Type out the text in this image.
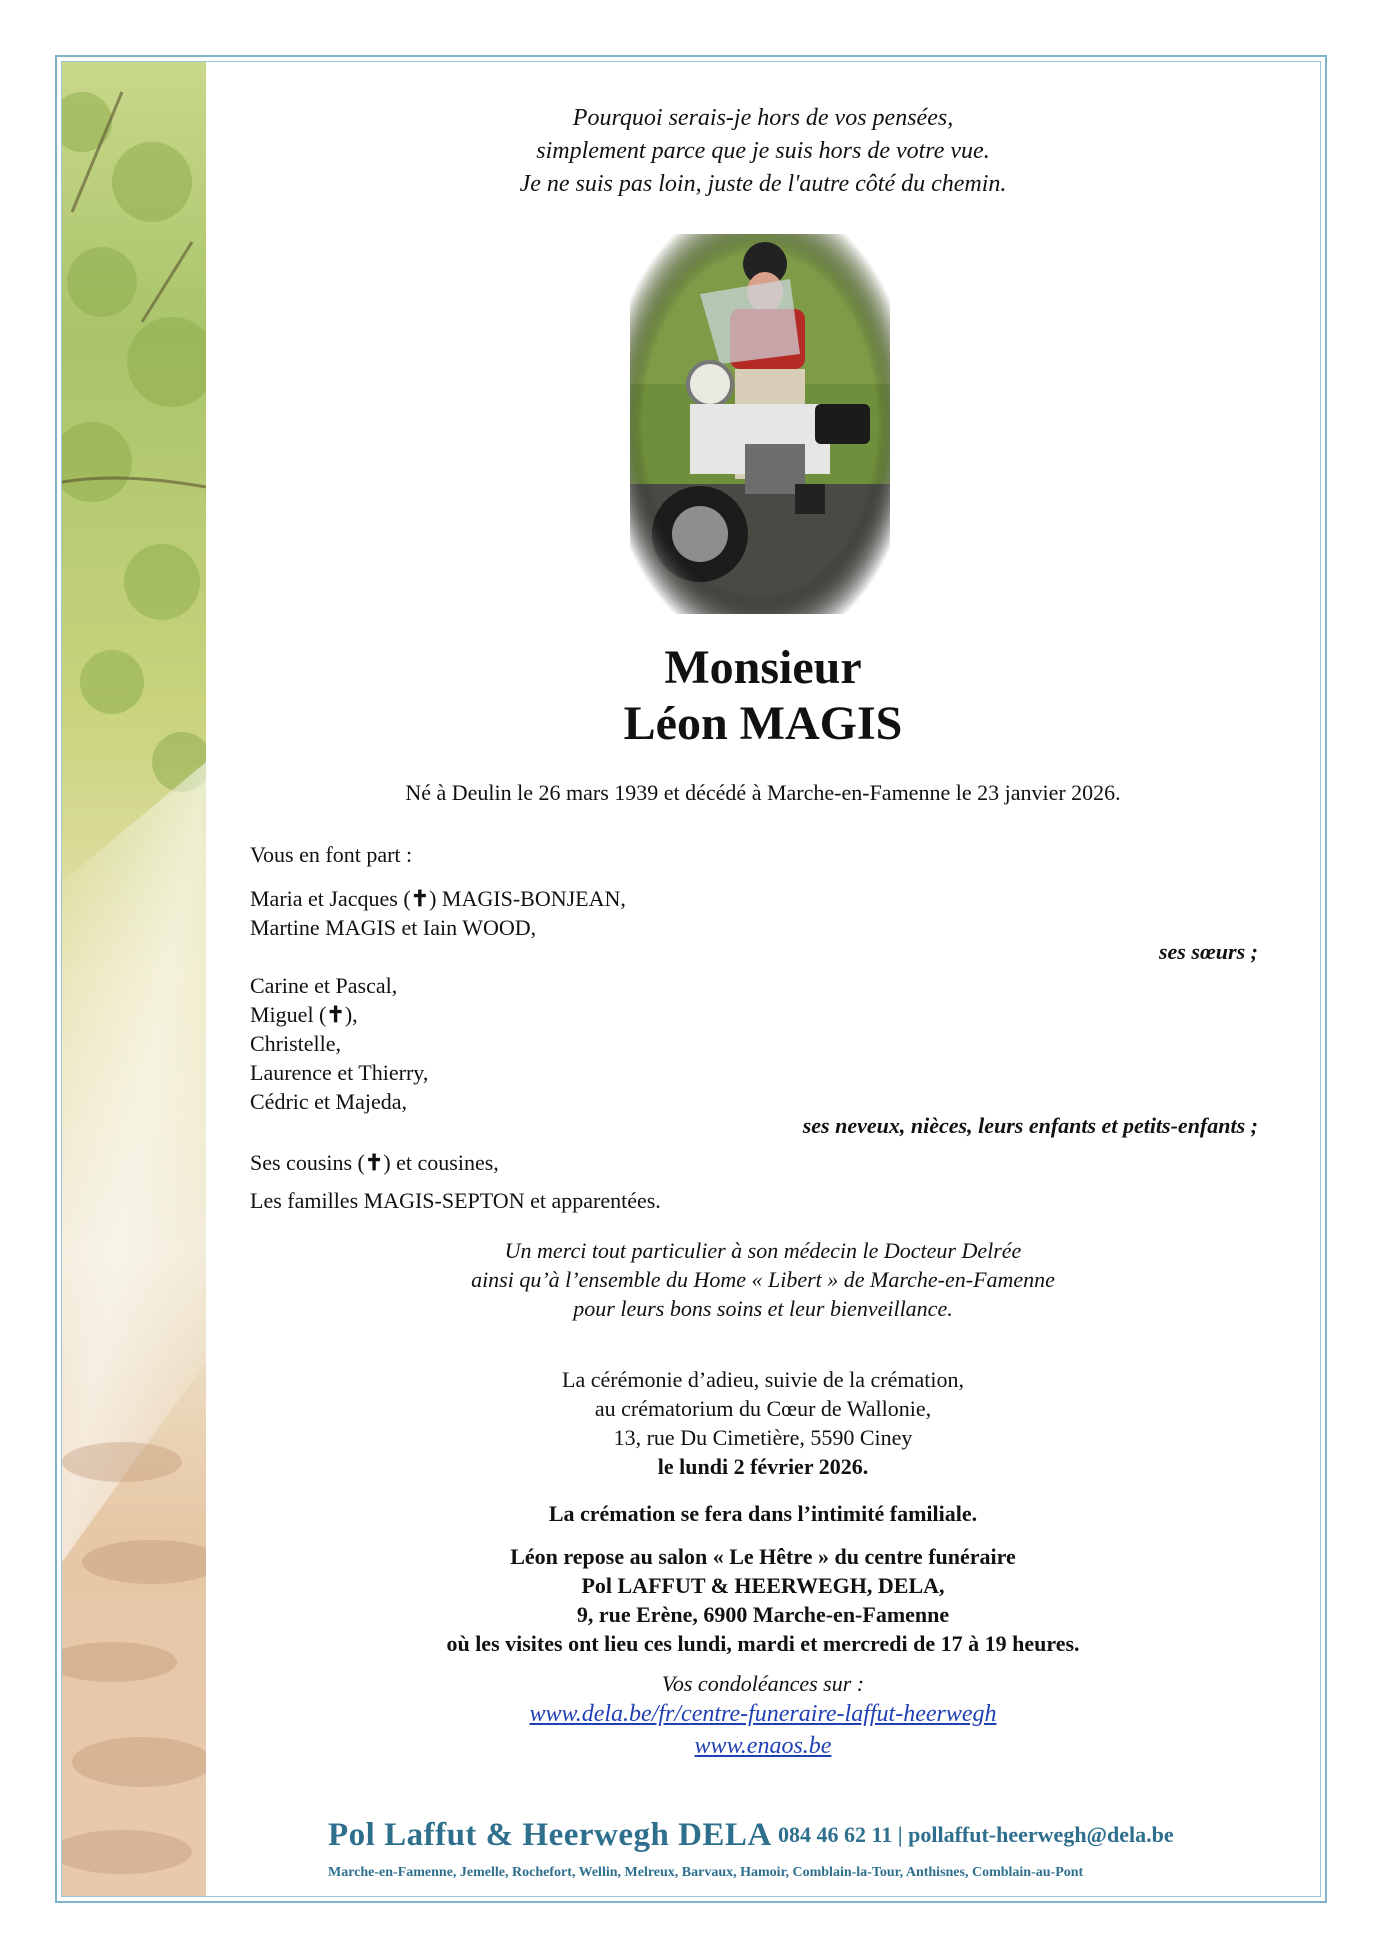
Pourquoi serais-je hors de vos pensées,
simplement parce que je suis hors de votre vue.
Je ne suis pas loin, juste de l'autre côté du chemin.
Monsieur
Léon MAGIS
Né à Deulin le 26 mars 1939 et décédé à Marche-en-Famenne le 23 janvier 2026.
Vous en font part :
Maria et Jacques (✝) MAGIS-BONJEAN,
Martine MAGIS et Iain WOOD,
ses sœurs ;
Carine et Pascal,
Miguel (✝),
Christelle,
Laurence et Thierry,
Cédric et Majeda,
ses neveux, nièces, leurs enfants et petits-enfants ;
Ses cousins (✝) et cousines,
Les familles MAGIS-SEPTON et apparentées.
Un merci tout particulier à son médecin le Docteur Delrée
ainsi qu’à l’ensemble du Home « Libert » de Marche-en-Famenne
pour leurs bons soins et leur bienveillance.
La cérémonie d’adieu, suivie de la crémation,
au crématorium du Cœur de Wallonie,
13, rue Du Cimetière, 5590 Ciney
le lundi 2 février 2026.
La crémation se fera dans l’intimité familiale.
Léon repose au salon « Le Hêtre » du centre funéraire
Pol LAFFUT & HEERWEGH, DELA,
9, rue Erène, 6900 Marche-en-Famenne
où les visites ont lieu ces lundi, mardi et mercredi de 17 à 19 heures.
Vos condoléances sur :
www.dela.be/fr/centre-funeraire-laffut-heerwegh
www.enaos.be
Pol Laffut & Heerwegh DELA 084 46 62 11 | pollaffut-heerwegh@dela.be
Marche-en-Famenne, Jemelle, Rochefort, Wellin, Melreux, Barvaux, Hamoir, Comblain-la-Tour, Anthisnes, Comblain-au-Pont
